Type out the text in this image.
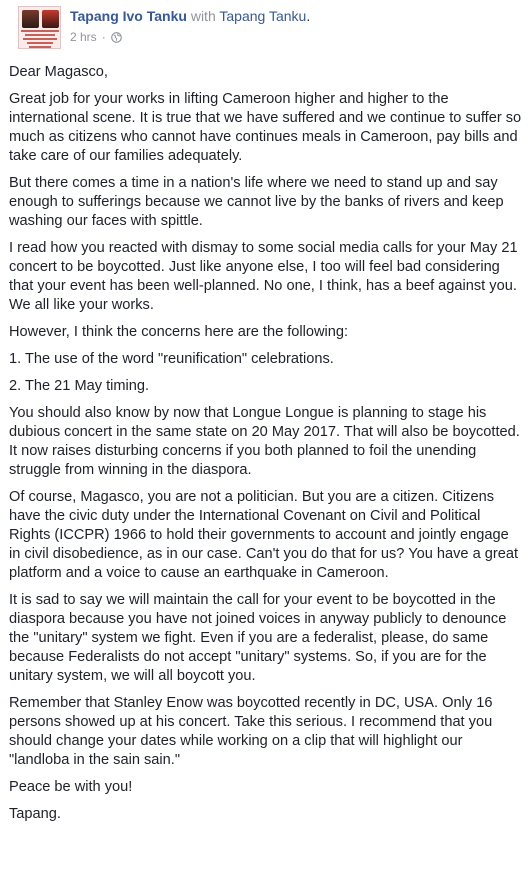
Tapang Ivo Tanku with Tapang Tanku.
2 hrs ·

Dear Magasco,

Great job for your works in lifting Cameroon higher and higher to the international scene. It is true that we have suffered and we continue to suffer so much as citizens who cannot have continues meals in Cameroon, pay bills and take care of our families adequately.

But there comes a time in a nation's life where we need to stand up and say enough to sufferings because we cannot live by the banks of rivers and keep washing our faces with spittle.

I read how you reacted with dismay to some social media calls for your May 21 concert to be boycotted. Just like anyone else, I too will feel bad considering that your event has been well-planned. No one, I think, has a beef against you. We all like your works.

However, I think the concerns here are the following:

1. The use of the word "reunification" celebrations.

2. The 21 May timing.

You should also know by now that Longue Longue is planning to stage his dubious concert in the same state on 20 May 2017. That will also be boycotted. It now raises disturbing concerns if you both planned to foil the unending struggle from winning in the diaspora.

Of course, Magasco, you are not a politician. But you are a citizen. Citizens have the civic duty under the International Covenant on Civil and Political Rights (ICCPR) 1966 to hold their governments to account and jointly engage in civil disobedience, as in our case. Can't you do that for us? You have a great platform and a voice to cause an earthquake in Cameroon.

It is sad to say we will maintain the call for your event to be boycotted in the diaspora because you have not joined voices in anyway publicly to denounce the "unitary" system we fight. Even if you are a federalist, please, do same because Federalists do not accept "unitary" systems. So, if you are for the unitary system, we will all boycott you.

Remember that Stanley Enow was boycotted recently in DC, USA. Only 16 persons showed up at his concert. Take this serious. I recommend that you should change your dates while working on a clip that will highlight our "landloba in the sain sain."

Peace be with you!

Tapang.
